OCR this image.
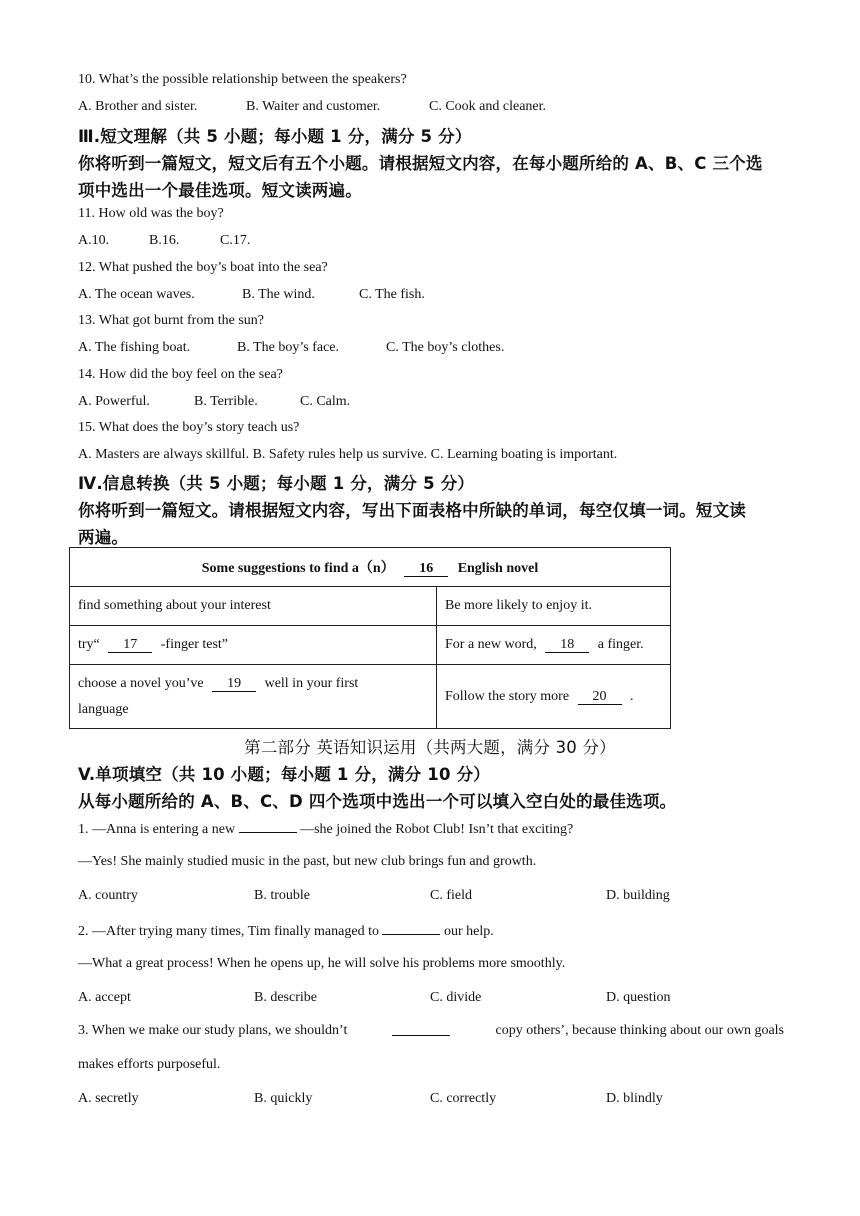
10. What’s the possible relationship between the speakers?
A. Brother and sister.	B. Waiter and customer.	C. Cook and cleaner.
Ⅲ.短文理解（共 5 小题；每小题 1 分，满分 5 分）
你将听到一篇短文，短文后有五个小题。请根据短文内容，在每小题所给的 A、B、C 三个选
项中选出一个最佳选项。短文读两遍。
11. How old was the boy?
A.10.	B.16.	C.17.
12. What pushed the boy’s boat into the sea?
A. The ocean waves.	B. The wind.	C. The fish.
13. What got burnt from the sun?
A. The fishing boat.	B. The boy’s face.	C. The boy’s clothes.
14. How did the boy feel on the sea?
A. Powerful.	B. Terrible.	C. Calm.
15. What does the boy’s story teach us?
A. Masters are always skillful. B. Safety rules help us survive. C. Learning boating is important.
Ⅳ.信息转换（共 5 小题；每小题 1 分，满分 5 分）
你将听到一篇短文。请根据短文内容，写出下面表格中所缺的单词，每空仅填一词。短文读
两遍。
Some suggestions to find a（n） 16 English novel	
find something about your interest	Be more likely to enjoy it.
try“ 17 -finger test”	For a new word, 18 a finger.
choose a novel you’ve 19 well in your first
language	Follow the story more 20 .
第二部分 英语知识运用（共两大题，满分 30 分）
V.单项填空（共 10 小题；每小题 1 分，满分 10 分）
从每小题所给的 A、B、C、D 四个选项中选出一个可以填入空白处的最佳选项。
1. —Anna is entering a new	—she joined the Robot Club! Isn’t that exciting?
—Yes! She mainly studied music in the past, but new club brings fun and growth.
A. country	B. trouble	C. field	D. building
2. —After trying many times, Tim finally managed to	our help.
—What a great process! When he opens up, he will solve his problems more smoothly.
A. accept	B. describe	C. divide	D. question
3. When we make our study plans, we shouldn’t	copy others’, because thinking about our own goals
makes efforts purposeful.
A. secretly	B. quickly	C. correctly	D. blindly
